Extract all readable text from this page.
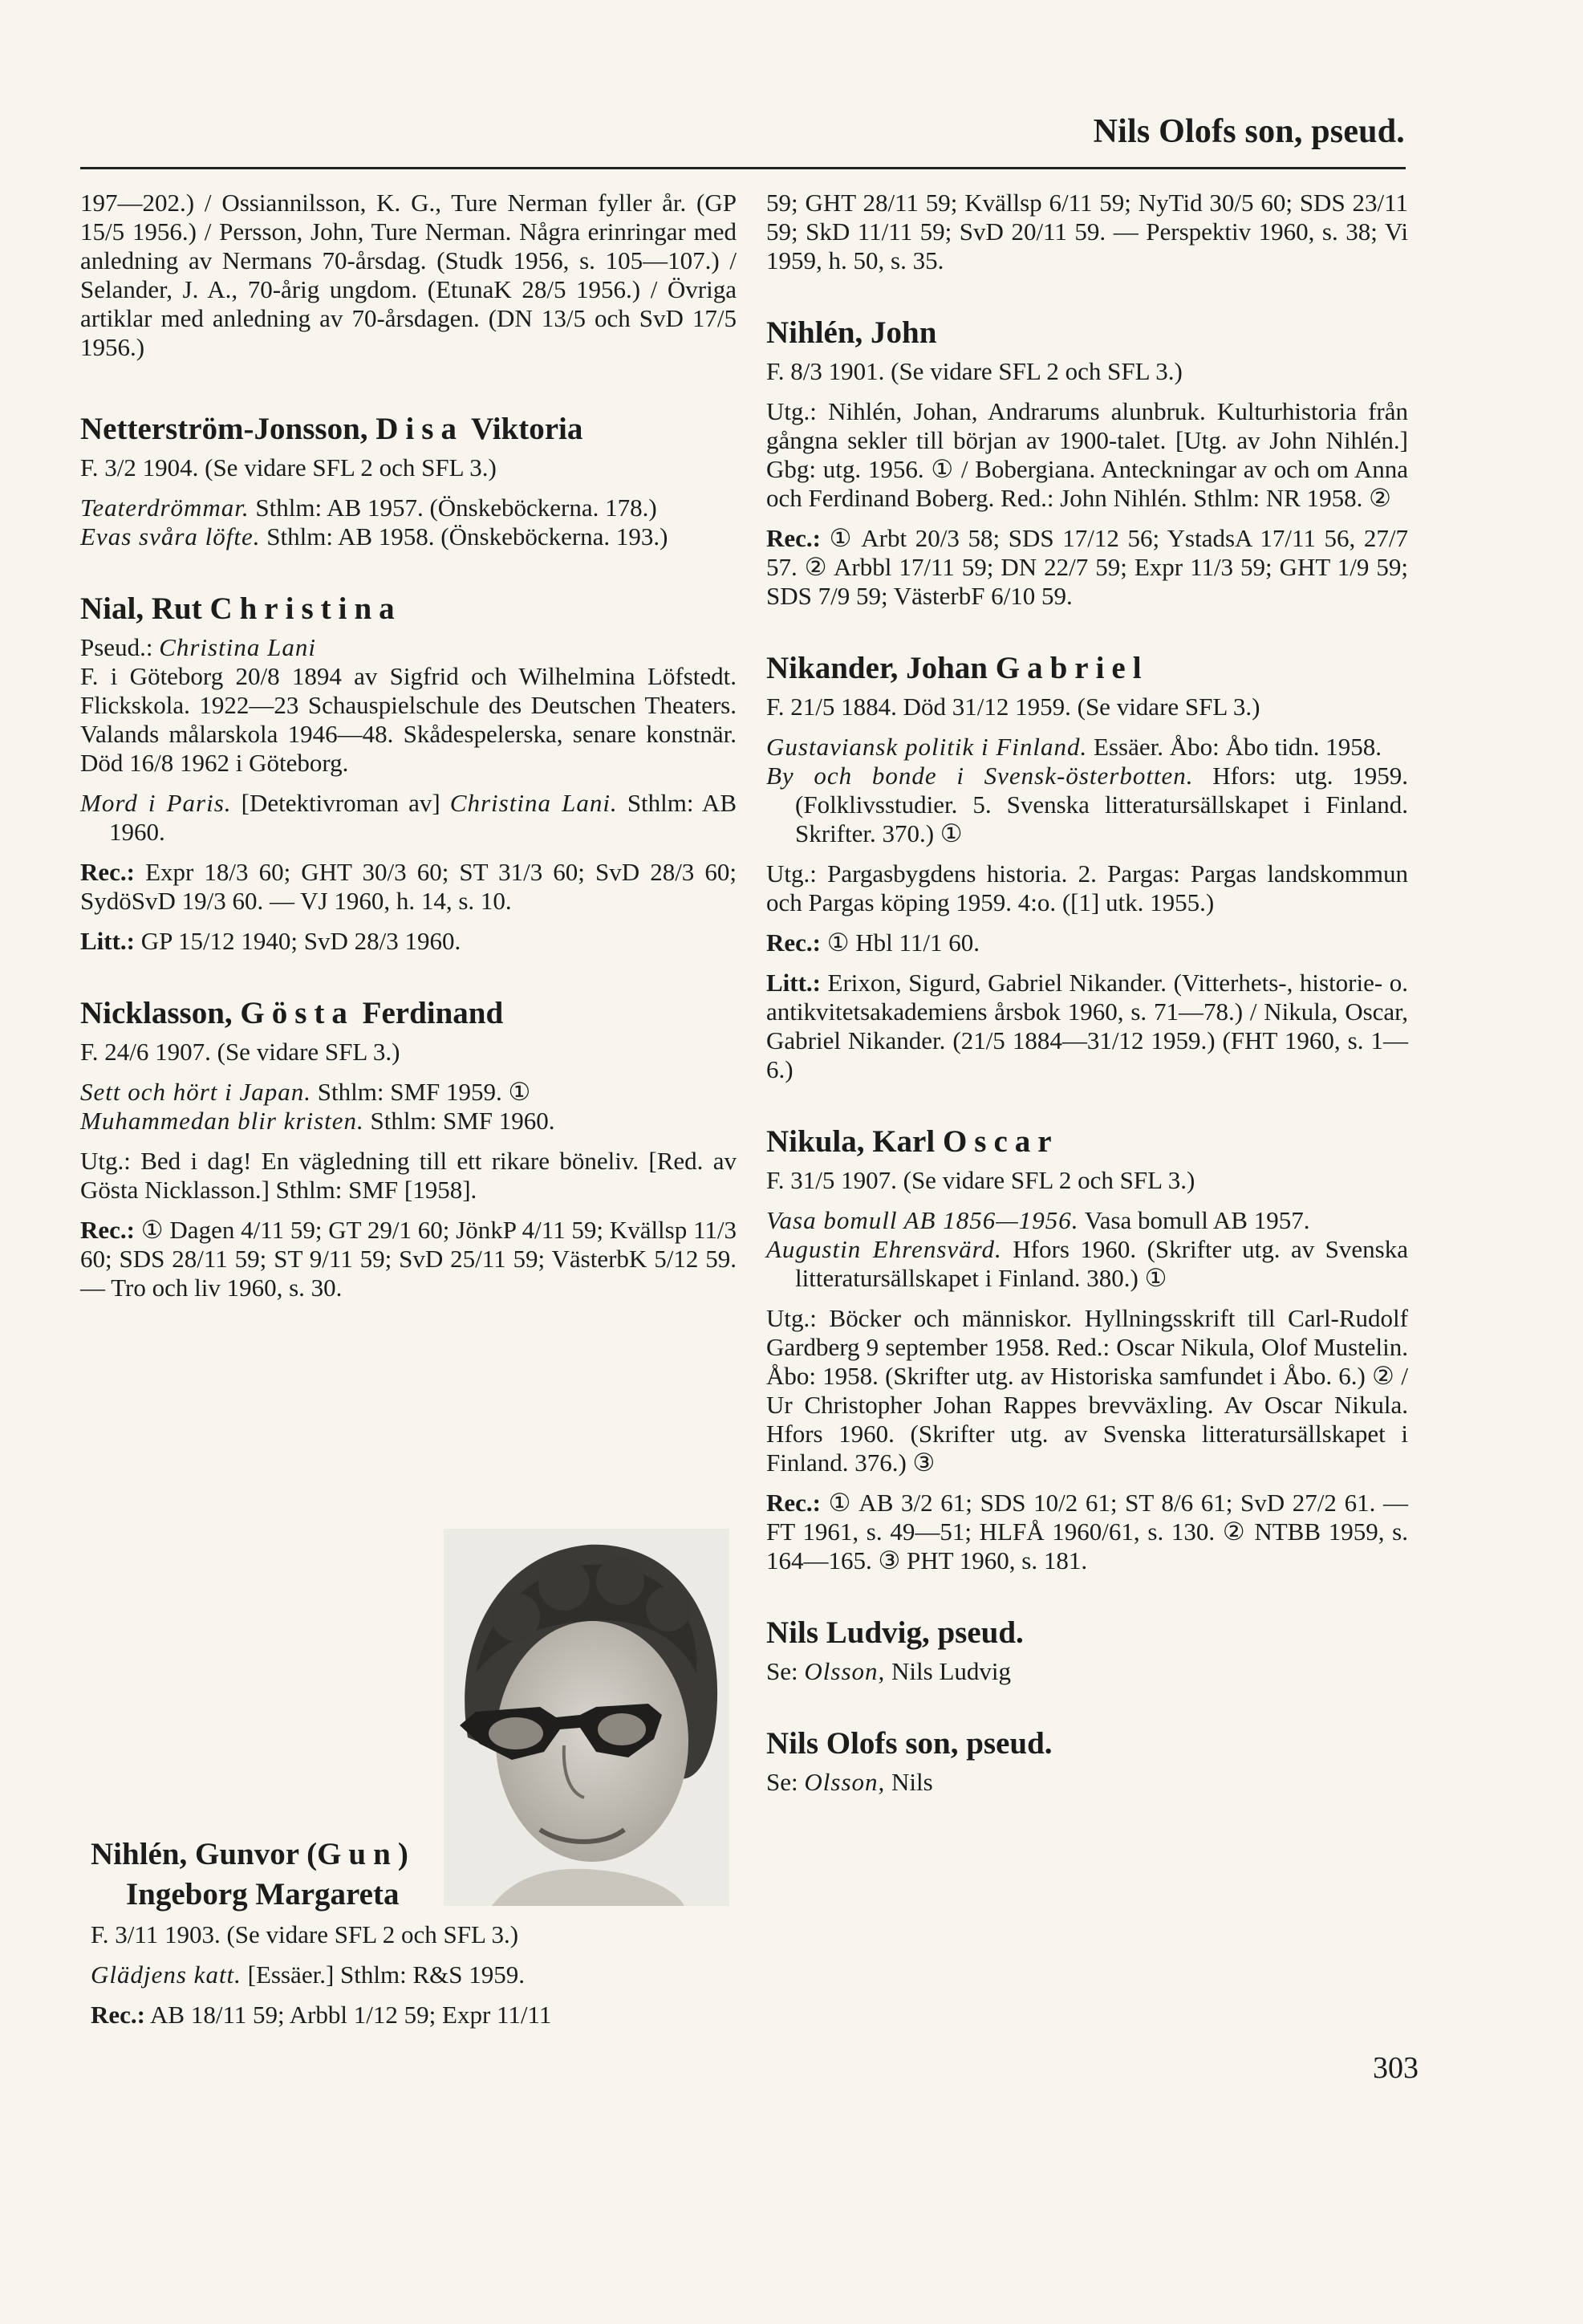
Nils Olofs son, pseud.

197—202.) / Ossiannilsson, K. G., Ture Nerman fyller år. (GP 15/5 1956.) / Persson, John, Ture Nerman. Några erinringar med anledning av Nermans 70-årsdag. (Studk 1956, s. 105—107.) / Selander, J. A., 70-årig ungdom. (EtunaK 28/5 1956.) / Övriga artiklar med anledning av 70-årsdagen. (DN 13/5 och SvD 17/5 1956.)

Netterström-Jonsson, Disa Viktoria

F. 3/2 1904. (Se vidare SFL 2 och SFL 3.)

Teaterdrömmar. Sthlm: AB 1957. (Önskeböckerna. 178.)

Evas svåra löfte. Sthlm: AB 1958. (Önskeböckerna. 193.)

Nial, Rut Christina

Pseud.: Christina Lani

F. i Göteborg 20/8 1894 av Sigfrid och Wilhelmina Löfstedt. Flickskola. 1922—23 Schauspielschule des Deutschen Theaters. Valands målarskola 1946—48. Skådespelerska, senare konstnär. Död 16/8 1962 i Göteborg.

Mord i Paris. [Detektivroman av] Christina Lani. Sthlm: AB 1960.

Rec.: Expr 18/3 60; GHT 30/3 60; ST 31/3 60; SvD 28/3 60; SydöSvD 19/3 60. — VJ 1960, h. 14, s. 10.

Litt.: GP 15/12 1940; SvD 28/3 1960.

Nicklasson, Gösta Ferdinand

F. 24/6 1907. (Se vidare SFL 3.)

Sett och hört i Japan. Sthlm: SMF 1959. ①

Muhammedan blir kristen. Sthlm: SMF 1960.

Utg.: Bed i dag! En vägledning till ett rikare böneliv. [Red. av Gösta Nicklasson.] Sthlm: SMF [1958].

Rec.: ① Dagen 4/11 59; GT 29/1 60; JönkP 4/11 59; Kvällsp 11/3 60; SDS 28/11 59; ST 9/11 59; SvD 25/11 59; VästerbK 5/12 59. — Tro och liv 1960, s. 30.

Nihlén, Gunvor (Gun)
Ingeborg Margareta

F. 3/11 1903. (Se vidare SFL 2 och SFL 3.)

Glädjens katt. [Essäer.] Sthlm: R&S 1959.

Rec.: AB 18/11 59; Arbbl 1/12 59; Expr 11/11

59; GHT 28/11 59; Kvällsp 6/11 59; NyTid 30/5 60; SDS 23/11 59; SkD 11/11 59; SvD 20/11 59. — Perspektiv 1960, s. 38; Vi 1959, h. 50, s. 35.

Nihlén, John

F. 8/3 1901. (Se vidare SFL 2 och SFL 3.)

Utg.: Nihlén, Johan, Andrarums alunbruk. Kulturhistoria från gångna sekler till början av 1900-talet. [Utg. av John Nihlén.] Gbg: utg. 1956. ① / Bobergiana. Anteckningar av och om Anna och Ferdinand Boberg. Red.: John Nihlén. Sthlm: NR 1958. ②

Rec.: ① Arbt 20/3 58; SDS 17/12 56; YstadsA 17/11 56, 27/7 57. ② Arbbl 17/11 59; DN 22/7 59; Expr 11/3 59; GHT 1/9 59; SDS 7/9 59; VästerbF 6/10 59.

Nikander, Johan Gabriel

F. 21/5 1884. Död 31/12 1959. (Se vidare SFL 3.)

Gustaviansk politik i Finland. Essäer. Åbo: Åbo tidn. 1958.

By och bonde i Svensk-österbotten. Hfors: utg. 1959. (Folklivsstudier. 5. Svenska litteratursällskapet i Finland. Skrifter. 370.) ①

Utg.: Pargasbygdens historia. 2. Pargas: Pargas landskommun och Pargas köping 1959. 4:o. ([1] utk. 1955.)

Rec.: ① Hbl 11/1 60.

Litt.: Erixon, Sigurd, Gabriel Nikander. (Vitterhets-, historie- o. antikvitetsakademiens årsbok 1960, s. 71—78.) / Nikula, Oscar, Gabriel Nikander. (21/5 1884—31/12 1959.) (FHT 1960, s. 1—6.)

Nikula, Karl Oscar

F. 31/5 1907. (Se vidare SFL 2 och SFL 3.)

Vasa bomull AB 1856—1956. Vasa bomull AB 1957.

Augustin Ehrensvärd. Hfors 1960. (Skrifter utg. av Svenska litteratursällskapet i Finland. 380.) ①

Utg.: Böcker och människor. Hyllningsskrift till Carl-Rudolf Gardberg 9 september 1958. Red.: Oscar Nikula, Olof Mustelin. Åbo: 1958. (Skrifter utg. av Historiska samfundet i Åbo. 6.) ② / Ur Christopher Johan Rappes brevväxling. Av Oscar Nikula. Hfors 1960. (Skrifter utg. av Svenska litteratursällskapet i Finland. 376.) ③

Rec.: ① AB 3/2 61; SDS 10/2 61; ST 8/6 61; SvD 27/2 61. — FT 1961, s. 49—51; HLFÅ 1960/61, s. 130. ② NTBB 1959, s. 164—165. ③ PHT 1960, s. 181.

Nils Ludvig, pseud.

Se: Olsson, Nils Ludvig

Nils Olofs son, pseud.

Se: Olsson, Nils

303
